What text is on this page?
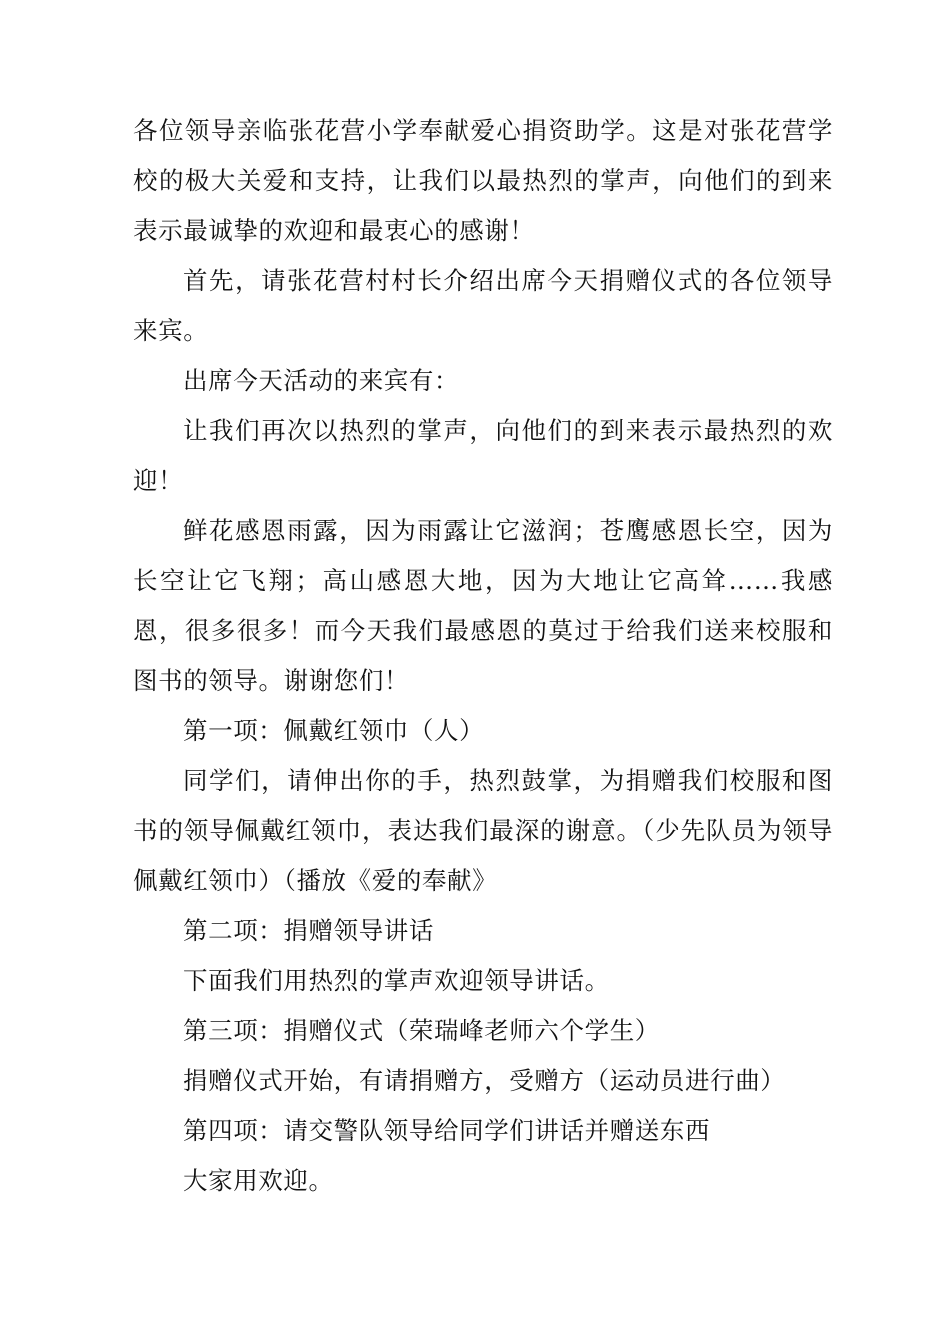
各位领导亲临张花营小学奉献爱心捐资助学。这是对张花营学校的极大关爱和支持，让我们以最热烈的掌声，向他们的到来表示最诚挚的欢迎和最衷心的感谢！

首先，请张花营村村长介绍出席今天捐赠仪式的各位领导来宾。

出席今天活动的来宾有：

让我们再次以热烈的掌声，向他们的到来表示最热烈的欢迎！

鲜花感恩雨露，因为雨露让它滋润；苍鹰感恩长空，因为长空让它飞翔；高山感恩大地，因为大地让它高耸……我感恩，很多很多！而今天我们最感恩的莫过于给我们送来校服和图书的领导。谢谢您们！

第一项：佩戴红领巾（人）

同学们，请伸出你的手，热烈鼓掌，为捐赠我们校服和图书的领导佩戴红领巾，表达我们最深的谢意。（少先队员为领导佩戴红领巾）（播放《爱的奉献》

第二项：捐赠领导讲话

下面我们用热烈的掌声欢迎领导讲话。

第三项：捐赠仪式（荣瑞峰老师六个学生）

捐赠仪式开始，有请捐赠方，受赠方（运动员进行曲）

第四项：请交警队领导给同学们讲话并赠送东西

大家用欢迎。
